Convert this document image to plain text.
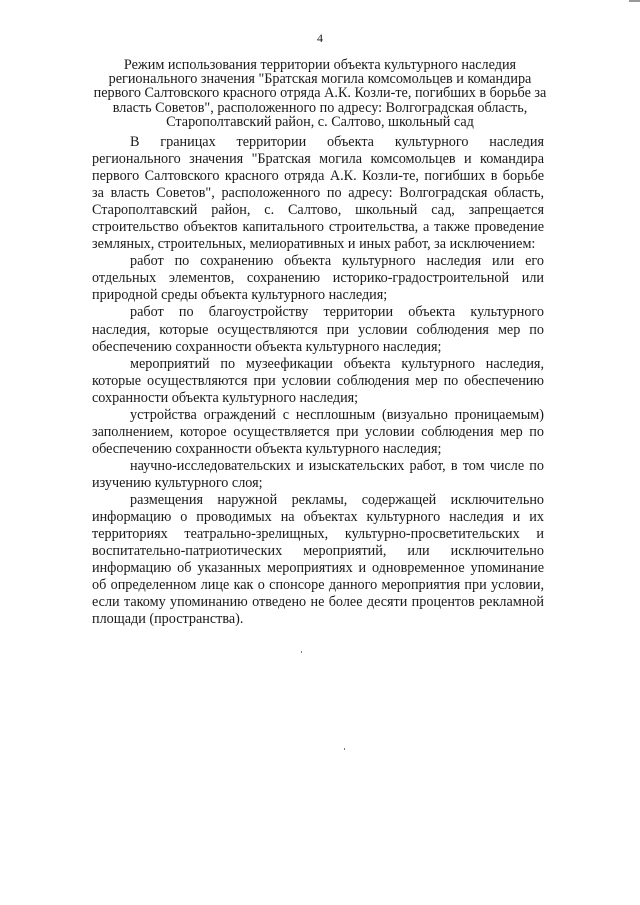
4

Режим использования территории объекта культурного наследия регионального значения "Братская могила комсомольцев и командира первого Салтовского красного отряда А.К. Козли-те, погибших в борьбе за власть Советов", расположенного по адресу: Волгоградская область, Старополтавский район, с. Салтово, школьный сад

В границах территории объекта культурного наследия регионального значения "Братская могила комсомольцев и командира первого Салтовского красного отряда А.К. Козли-те, погибших в борьбе за власть Советов", расположенного по адресу: Волгоградская область, Старополтавский район, с. Салтово, школьный сад, запрещается строительство объектов капитального строительства, а также проведение земляных, строительных, мелиоративных и иных работ, за исключением:

работ по сохранению объекта культурного наследия или его отдельных элементов, сохранению историко-градостроительной или природной среды объекта культурного наследия;

работ по благоустройству территории объекта культурного наследия, которые осуществляются при условии соблюдения мер по обеспечению сохранности объекта культурного наследия;

мероприятий по музеефикации объекта культурного наследия, которые осуществляются при условии соблюдения мер по обеспечению сохранности объекта культурного наследия;

устройства ограждений с несплошным (визуально проницаемым) заполнением, которое осуществляется при условии соблюдения мер по обеспечению сохранности объекта культурного наследия;

научно-исследовательских и изыскательских работ, в том числе по изучению культурного слоя;

размещения наружной рекламы, содержащей исключительно информацию о проводимых на объектах культурного наследия и их территориях театрально-зрелищных, культурно-просветительских и воспитательно-патриотических мероприятий, или исключительно информацию об указанных мероприятиях и одновременное упоминание об определенном лице как о спонсоре данного мероприятия при условии, если такому упоминанию отведено не более десяти процентов рекламной площади (пространства).
